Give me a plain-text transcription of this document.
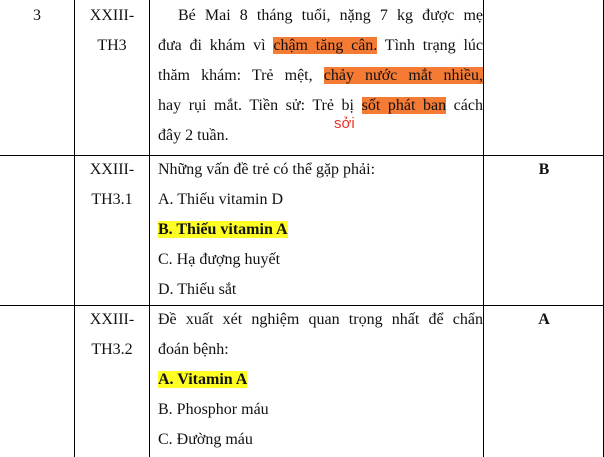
3	XXIII-
TH3
Bé Mai 8 tháng tuổi, nặng 7 kg được mẹ
đưa đi khám vì chậm tăng cân. Tình trạng lúc
thăm khám: Trẻ mệt, chảy nước mắt nhiều,
hay rụi mắt. Tiền sử: Trẻ bị sốt phát ban cách
đây 2 tuần.
sởi
XXIII-
TH3.1
Những vấn đề trẻ có thể gặp phải:
A. Thiếu vitamin D
B. Thiếu vitamin A
C. Hạ đượng huyết
D. Thiếu sắt
B
XXIII-
TH3.2
Đề xuất xét nghiệm quan trọng nhất để chẩn
đoán bệnh:
A. Vitamin A
B. Phosphor máu
C. Đường máu
A
